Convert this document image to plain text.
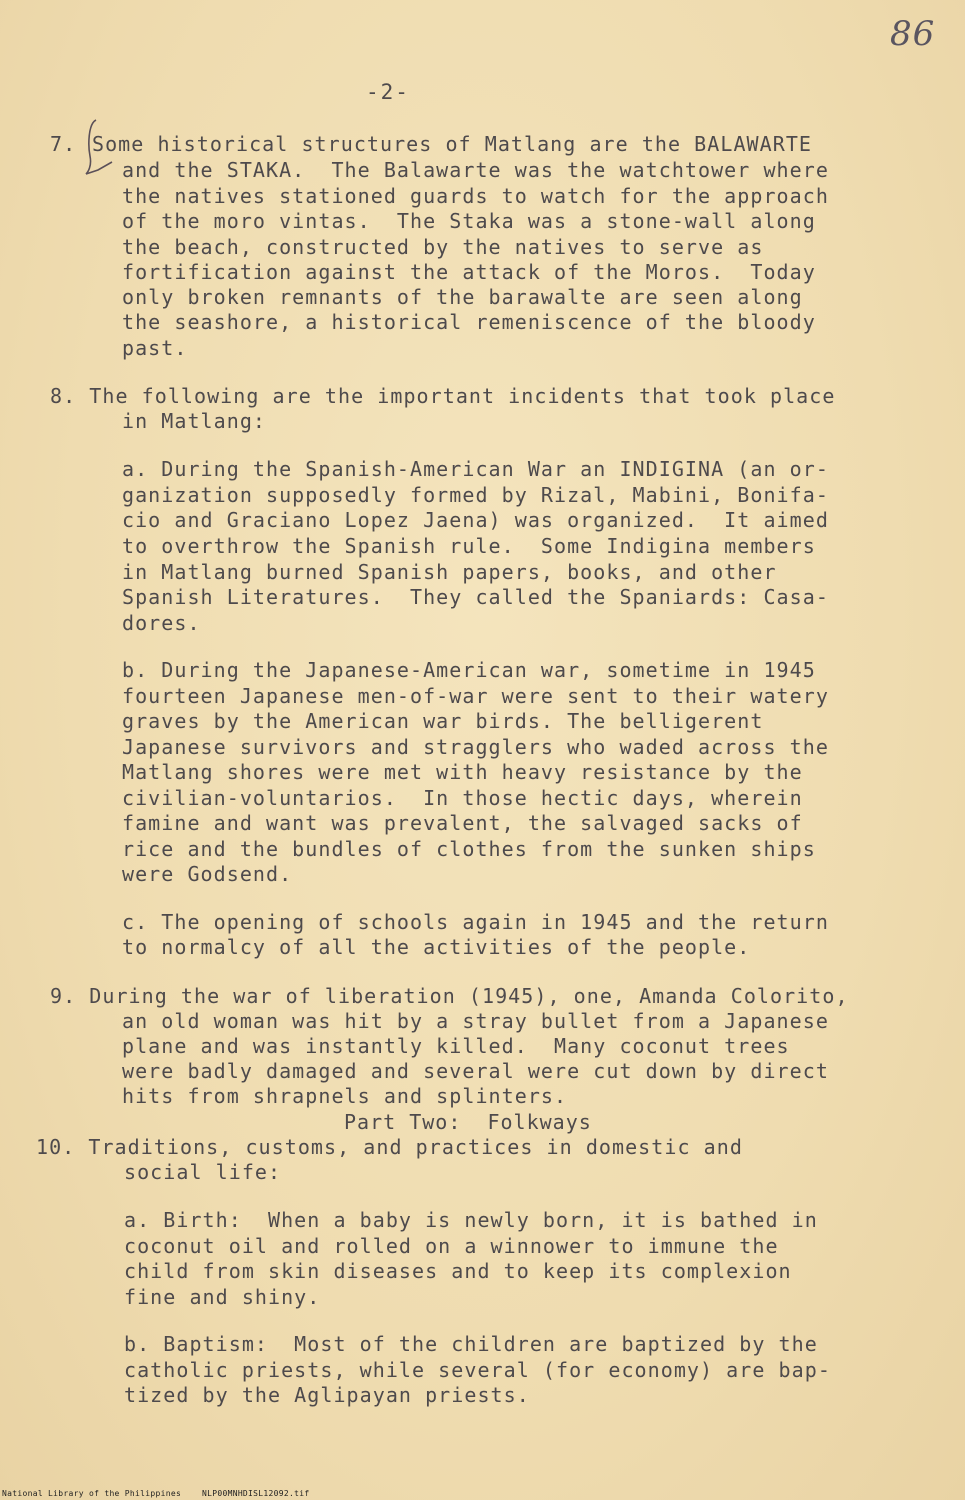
86
-2-
7. Some historical structures of Matlang are the BALAWARTE
and the STAKA.  The Balawarte was the watchtower where
the natives stationed guards to watch for the approach
of the moro vintas.  The Staka was a stone-wall along
the beach, constructed by the natives to serve as
fortification against the attack of the Moros.  Today
only broken remnants of the barawalte are seen along
the seashore, a historical remeniscence of the bloody
past.
8. The following are the important incidents that took place
in Matlang:
a. During the Spanish-American War an INDIGINA (an or-
ganization supposedly formed by Rizal, Mabini, Bonifa-
cio and Graciano Lopez Jaena) was organized.  It aimed
to overthrow the Spanish rule.  Some Indigina members
in Matlang burned Spanish papers, books, and other
Spanish Literatures.  They called the Spaniards: Casa-
dores.
b. During the Japanese-American war, sometime in 1945
fourteen Japanese men-of-war were sent to their watery
graves by the American war birds. The belligerent
Japanese survivors and stragglers who waded across the
Matlang shores were met with heavy resistance by the
civilian-voluntarios.  In those hectic days, wherein
famine and want was prevalent, the salvaged sacks of
rice and the bundles of clothes from the sunken ships
were Godsend.
c. The opening of schools again in 1945 and the return
to normalcy of all the activities of the people.
9. During the war of liberation (1945), one, Amanda Colorito,
an old woman was hit by a stray bullet from a Japanese
plane and was instantly killed.  Many coconut trees
were badly damaged and several were cut down by direct
hits from shrapnels and splinters.
Part Two:  Folkways
10. Traditions, customs, and practices in domestic and
social life:
a. Birth:  When a baby is newly born, it is bathed in
coconut oil and rolled on a winnower to immune the
child from skin diseases and to keep its complexion
fine and shiny.
b. Baptism:  Most of the children are baptized by the
catholic priests, while several (for economy) are bap-
tized by the Aglipayan priests.
National Library of the Philippines	NLP00MNHDISL12092.tif
